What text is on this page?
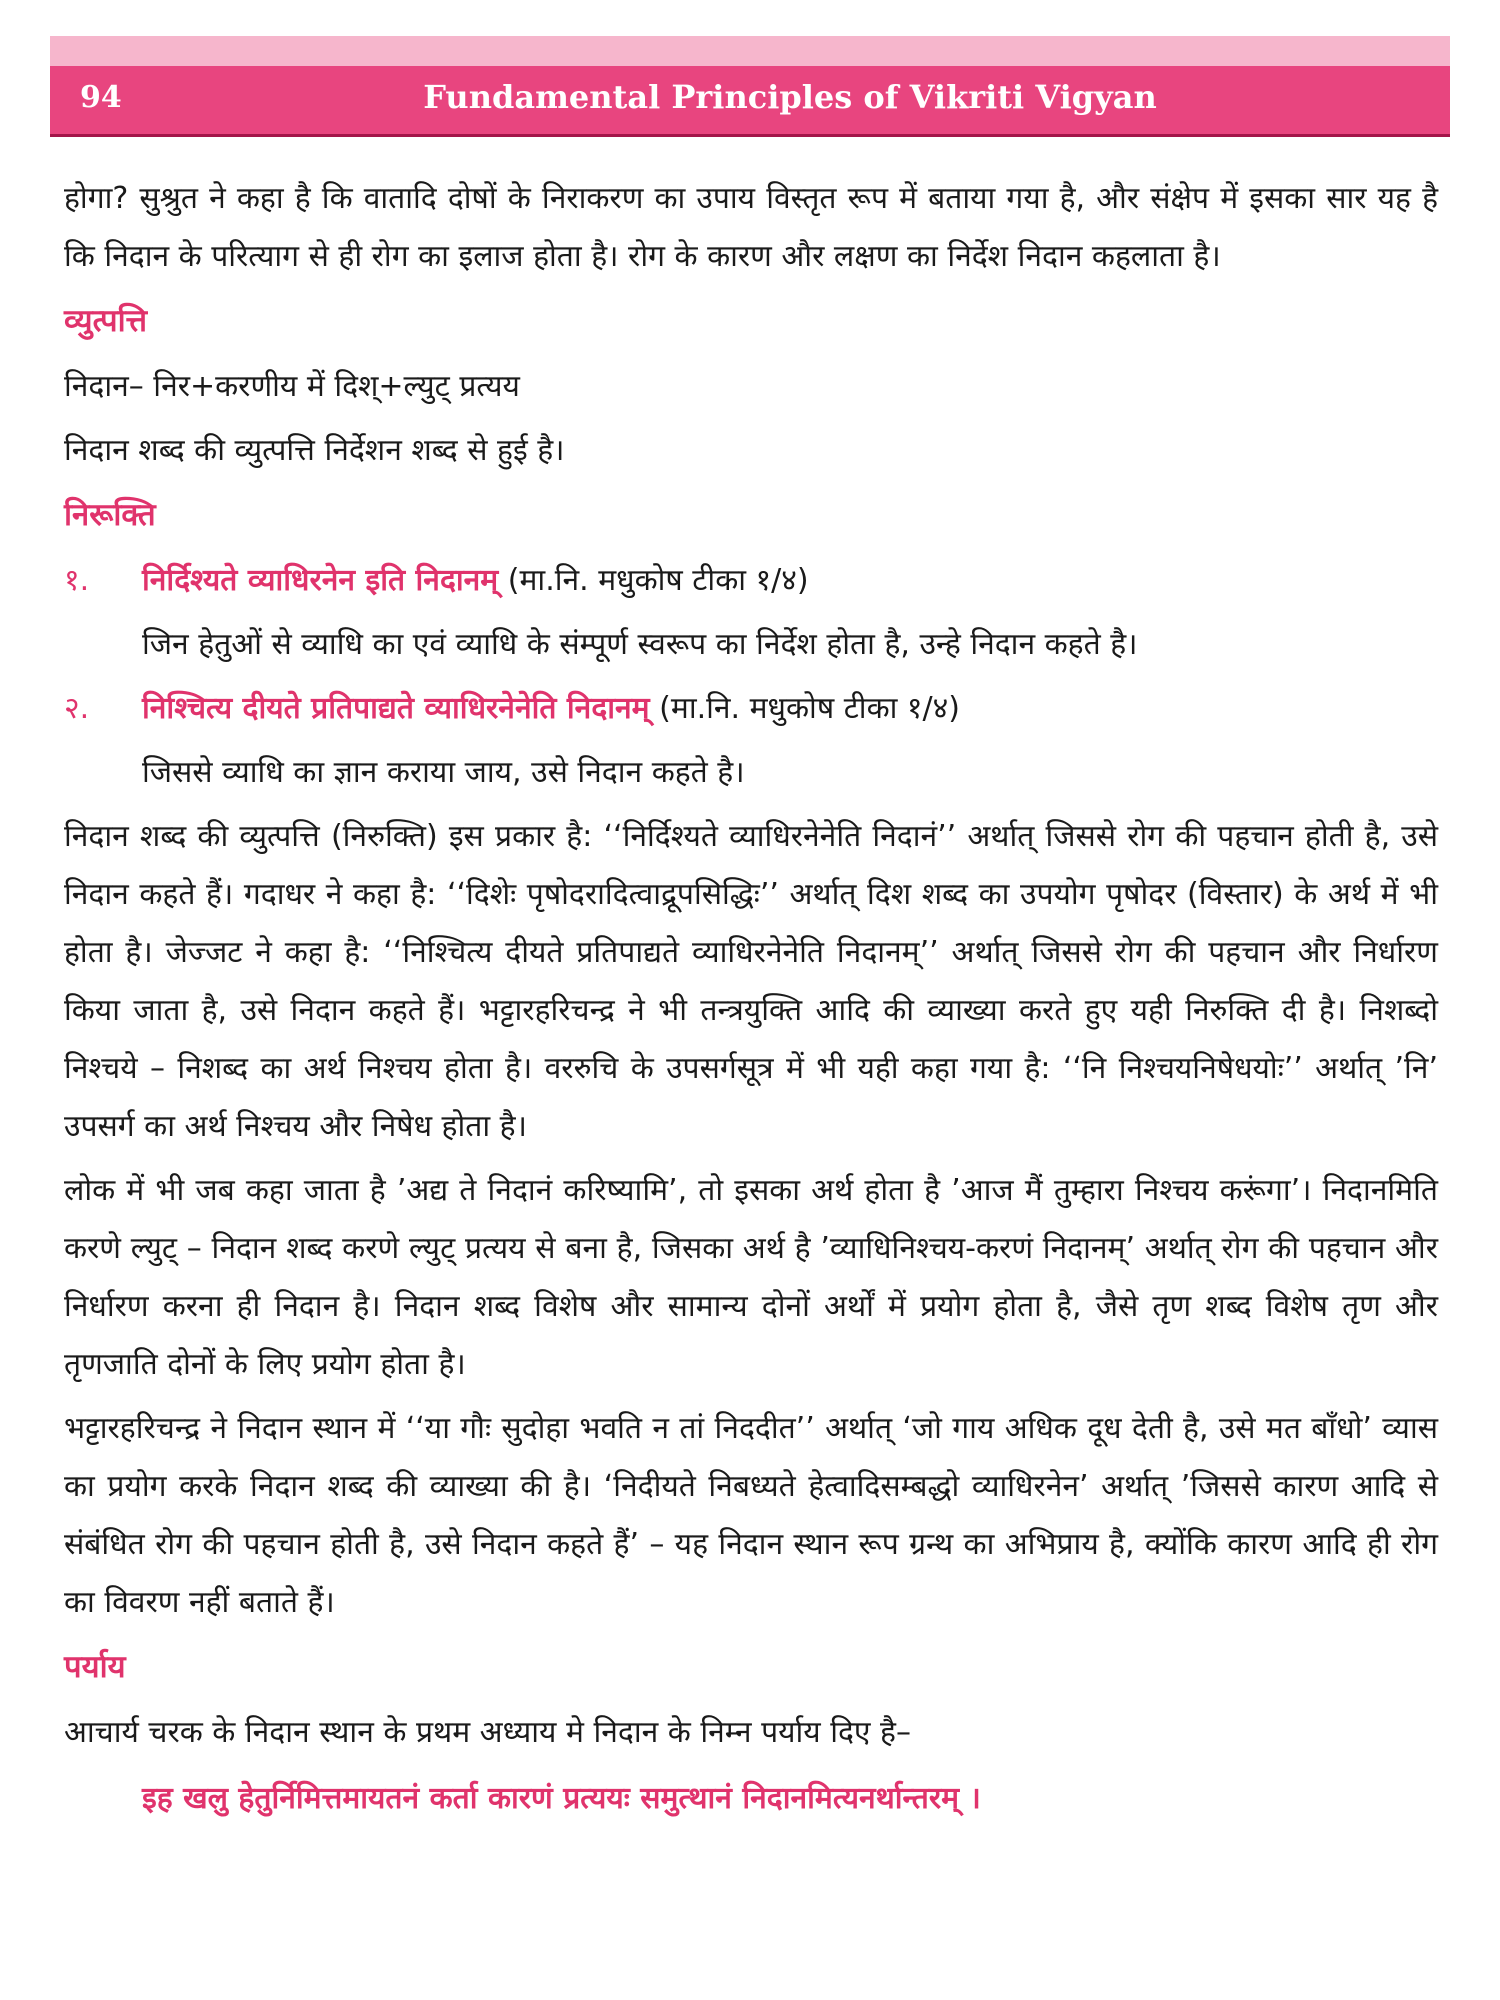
94	Fundamental Principles of Vikriti Vigyan

होगा? सुश्रुत ने कहा है कि वातादि दोषों के निराकरण का उपाय विस्तृत रूप में बताया गया है, और संक्षेप में इसका सार यह है कि निदान के परित्याग से ही रोग का इलाज होता है। रोग के कारण और लक्षण का निर्देश निदान कहलाता है।

व्युत्पत्ति

निदान– निर+करणीय में दिश्+ल्युट् प्रत्यय

निदान शब्द की व्युत्पत्ति निर्देशन शब्द से हुई है।

निरूक्ति

१. निर्दिश्यते व्याधिरनेन इति निदानम् (मा.नि. मधुकोष टीका १/४)

जिन हेतुओं से व्याधि का एवं व्याधि के संम्पूर्ण स्वरूप का निर्देश होता है, उन्हे निदान कहते है।

२. निश्चित्य दीयते प्रतिपाद्यते व्याधिरनेनेति निदानम् (मा.नि. मधुकोष टीका १/४)

जिससे व्याधि का ज्ञान कराया जाय, उसे निदान कहते है।

निदान शब्द की व्युत्पत्ति (निरुक्ति) इस प्रकार है: ‘‘निर्दिश्यते व्याधिरनेनेति निदानं’’ अर्थात् जिससे रोग की पहचान होती है, उसे निदान कहते हैं। गदाधर ने कहा है: ‘‘दिशेः पृषोदरादित्वाद्रूपसिद्धिः’’ अर्थात् दिश शब्द का उपयोग पृषोदर (विस्तार) के अर्थ में भी होता है। जेज्जट ने कहा है: ‘‘निश्चित्य दीयते प्रतिपाद्यते व्याधिरनेनेति निदानम्’’ अर्थात् जिससे रोग की पहचान और निर्धारण किया जाता है, उसे निदान कहते हैं। भट्टारहरिचन्द्र ने भी तन्त्रयुक्ति आदि की व्याख्या करते हुए यही निरुक्ति दी है। निशब्दो निश्चये – निशब्द का अर्थ निश्चय होता है। वररुचि के उपसर्गसूत्र में भी यही कहा गया है: ‘‘नि निश्चयनिषेधयोः’’ अर्थात् ’नि’ उपसर्ग का अर्थ निश्चय और निषेध होता है।

लोक में भी जब कहा जाता है ’अद्य ते निदानं करिष्यामि’, तो इसका अर्थ होता है ’आज मैं तुम्हारा निश्चय करूंगा’। निदानमिति करणे ल्युट् – निदान शब्द करणे ल्युट् प्रत्यय से बना है, जिसका अर्थ है ’व्याधिनिश्चय-करणं निदानम्’ अर्थात् रोग की पहचान और निर्धारण करना ही निदान है। निदान शब्द विशेष और सामान्य दोनों अर्थों में प्रयोग होता है, जैसे तृण शब्द विशेष तृण और तृणजाति दोनों के लिए प्रयोग होता है।

भट्टारहरिचन्द्र ने निदान स्थान में ‘‘या गौः सुदोहा भवति न तां निददीत’’ अर्थात् ‘जो गाय अधिक दूध देती है, उसे मत बाँधो’ व्यास का प्रयोग करके निदान शब्द की व्याख्या की है। ‘निदीयते निबध्यते हेत्वादिसम्बद्धो व्याधिरनेन’ अर्थात् ’जिससे कारण आदि से संबंधित रोग की पहचान होती है, उसे निदान कहते हैं’ – यह निदान स्थान रूप ग्रन्थ का अभिप्राय है, क्योंकि कारण आदि ही रोग का विवरण नहीं बताते हैं।

पर्याय

आचार्य चरक के निदान स्थान के प्रथम अध्याय मे निदान के निम्न पर्याय दिए है–

इह खलु हेतुर्निमित्तमायतनं कर्ता कारणं प्रत्ययः समुत्थानं निदानमित्यनर्थान्तरम् ।
